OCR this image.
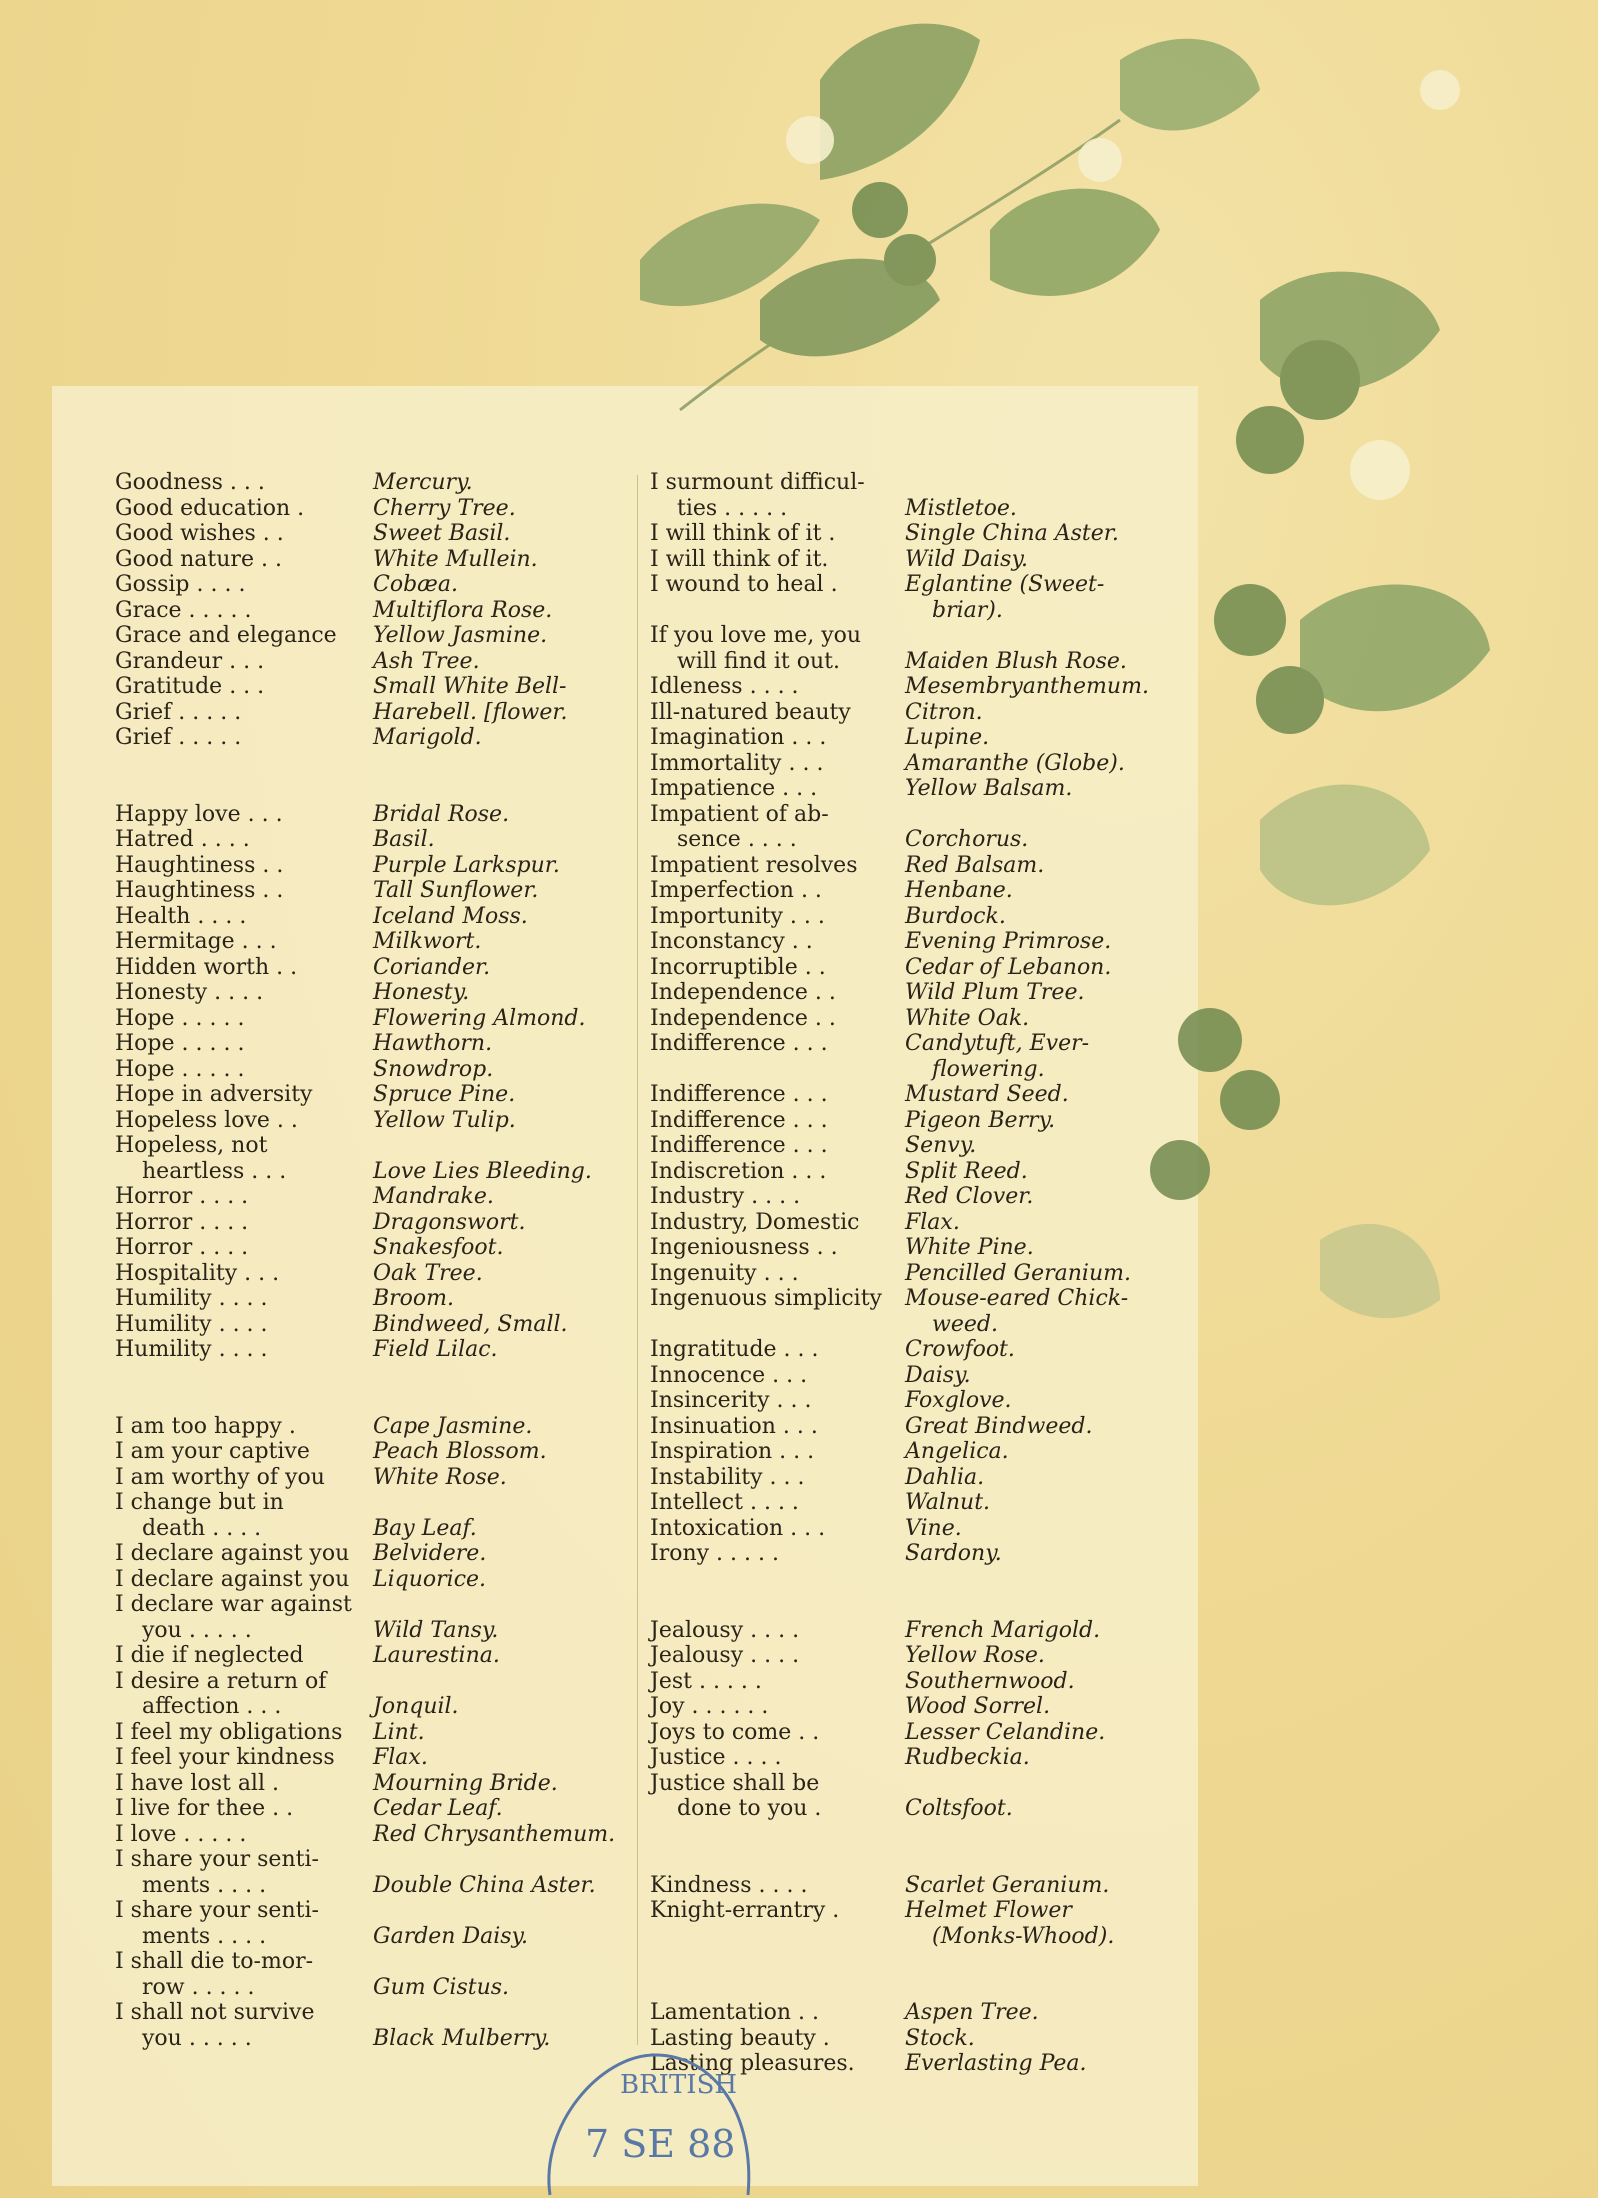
Goodness . . .	Mercury.
Good education .	Cherry Tree.
Good wishes . .	Sweet Basil.
Good nature . .	White Mullein.
Gossip . . . .	Cobæa.
Grace . . . . .	Multiflora Rose.
Grace and elegance Yellow Jasmine.
Grandeur . . .	Ash Tree.
Gratitude . . .	Small White Bell-
Grief . . . . .	Harebell. [flower.
Grief . . . . .	Marigold.
Happy love . . .	Bridal Rose.
Hatred . . . .	Basil.
Haughtiness . .	Purple Larkspur.
Haughtiness . .	Tall Sunflower.
Health . . . .	Iceland Moss.
Hermitage . . .	Milkwort.
Hidden worth . .	Coriander.
Honesty . . . .	Honesty.
Hope . . . . .	Flowering Almond.
Hope . . . . .	Hawthorn.
Hope . . . . .	Snowdrop.
Hope in adversity	Spruce Pine.
Hopeless love . .	Yellow Tulip.
Hopeless, not
heartless . . .	Love Lies Bleeding.
Horror . . . .	Mandrake.
Horror . . . .	Dragonswort.
Horror . . . .	Snakesfoot.
Hospitality . . .	Oak Tree.
Humility . . . .	Broom.
Humility . . . .	Bindweed, Small.
Humility . . . .	Field Lilac.
I am too happy .	Cape Jasmine.
I am your captive	Peach Blossom.
I am worthy of you White Rose.
I change but in
death . . . .	Bay Leaf.
I declare against you Belvidere.
I declare against you Liquorice.
I declare war against
you . . . . .	Wild Tansy.
I die if neglected	Laurestina.
I desire a return of
affection . . .	Jonquil.
I feel my obligations Lint.
I feel your kindness Flax.
I have lost all .	Mourning Bride.
I live for thee . .	Cedar Leaf.
I love . . . . .	Red Chrysanthemum.
I share your senti-
ments . . . .	Double China Aster.
I share your senti-
ments . . . .	Garden Daisy.
I shall die to-mor-
row . . . . .	Gum Cistus.
I shall not survive
you . . . . .	Black Mulberry.
I surmount difficul-
ties . . . . .	Mistletoe.
I will think of it .	Single China Aster.
I will think of it.	Wild Daisy.
I wound to heal .	Eglantine (Sweet-
briar).
If you love me, you
will find it out.	Maiden Blush Rose.
Idleness . . . .	Mesembryanthemum.
Ill-natured beauty Citron.
Imagination . . .	Lupine.
Immortality . . .	Amaranthe (Globe).
Impatience . . .	Yellow Balsam.
Impatient of ab-
sence . . . .	Corchorus.
Impatient resolves Red Balsam.
Imperfection . .	Henbane.
Importunity . . .	Burdock.
Inconstancy . .	Evening Primrose.
Incorruptible . .	Cedar of Lebanon.
Independence . .	Wild Plum Tree.
Independence . .	White Oak.
Indifference . . .	Candytuft, Ever-
flowering.
Indifference . . .	Mustard Seed.
Indifference . . .	Pigeon Berry.
Indifference . . .	Senvy.
Indiscretion . . .	Split Reed.
Industry . . . .	Red Clover.
Industry, Domestic Flax.
Ingeniousness . .	White Pine.
Ingenuity . . .	Pencilled Geranium.
Ingenuous simplicity Mouse-eared Chick-
weed.
Ingratitude . . .	Crowfoot.
Innocence . . .	Daisy.
Insincerity . . .	Foxglove.
Insinuation . . .	Great Bindweed.
Inspiration . . .	Angelica.
Instability . . .	Dahlia.
Intellect . . . .	Walnut.
Intoxication . . .	Vine.
Irony . . . . .	Sardony.
Jealousy . . . .	French Marigold.
Jealousy . . . .	Yellow Rose.
Jest . . . . .	Southernwood.
Joy . . . . . .	Wood Sorrel.
Joys to come . .	Lesser Celandine.
Justice . . . .	Rudbeckia.
Justice shall be
done to you .	Coltsfoot.
Kindness . . . .	Scarlet Geranium.
Knight-errantry .	Helmet Flower
(Monks-Whood).
Lamentation . .	Aspen Tree.
Lasting beauty .	Stock.
Lasting pleasures. Everlasting Pea.
BRITISH
7 SE 88
